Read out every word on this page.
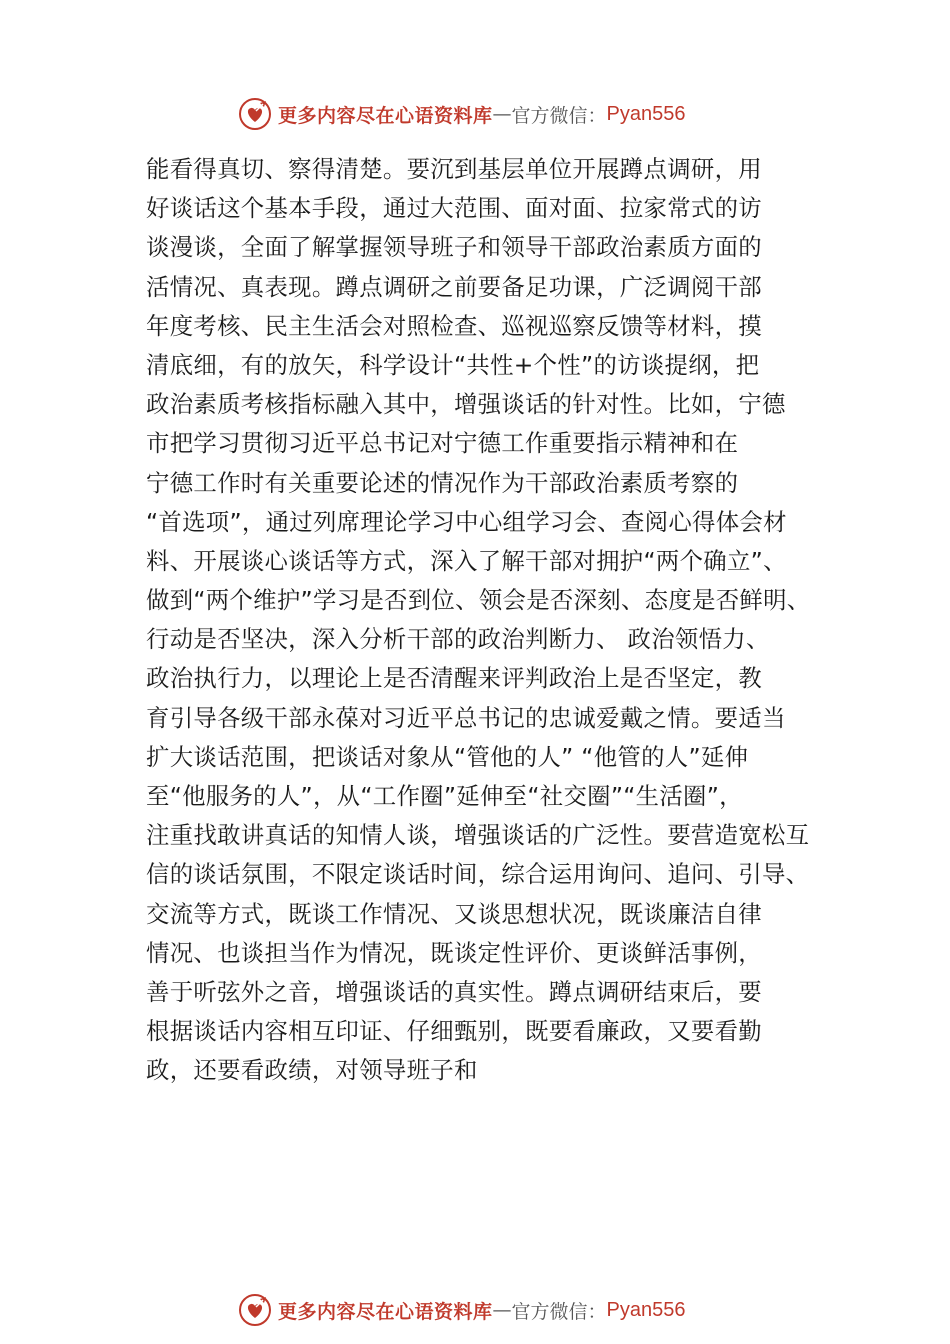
更多内容尽在心语资料库 — 官方微信： Pyan556
能看得真切、察得清楚。要沉到基层单位开展蹲点调研，用
好谈话这个基本手段，通过大范围、面对面、拉家常式的访
谈漫谈，全面了解掌握领导班子和领导干部政治素质方面的
活情况、真表现。蹲点调研之前要备足功课，广泛调阅干部
年度考核、民主生活会对照检查、巡视巡察反馈等材料，摸
清底细，有的放矢，科学设计“共性+个性”的访谈提纲，把
政治素质考核指标融入其中，增强谈话的针对性。比如，宁德
市把学习贯彻习近平总书记对宁德工作重要指示精神和在
宁德工作时有关重要论述的情况作为干部政治素质考察的
“首选项”，通过列席理论学习中心组学习会、查阅心得体会材
料、开展谈心谈话等方式，深入了解干部对拥护“两个确立”、
做到“两个维护”学习是否到位、领会是否深刻、态度是否鲜明、
行动是否坚决，深入分析干部的政治判断力、 政治领悟力、
政治执行力，以理论上是否清醒来评判政治上是否坚定，教
育引导各级干部永葆对习近平总书记的忠诚爱戴之情。要适当
扩大谈话范围，把谈话对象从“管他的人” “他管的人”延伸
至“他服务的人”，从“工作圈”延伸至“社交圈”“生活圈”，
注重找敢讲真话的知情人谈，增强谈话的广泛性。要营造宽松互
信的谈话氛围，不限定谈话时间，综合运用询问、追问、引导、
交流等方式，既谈工作情况、又谈思想状况，既谈廉洁自律
情况、也谈担当作为情况，既谈定性评价、更谈鲜活事例，
善于听弦外之音，增强谈话的真实性。蹲点调研结束后，要
根据谈话内容相互印证、仔细甄别，既要看廉政，又要看勤
政，还要看政绩，对领导班子和
更多内容尽在心语资料库 — 官方微信： Pyan556
